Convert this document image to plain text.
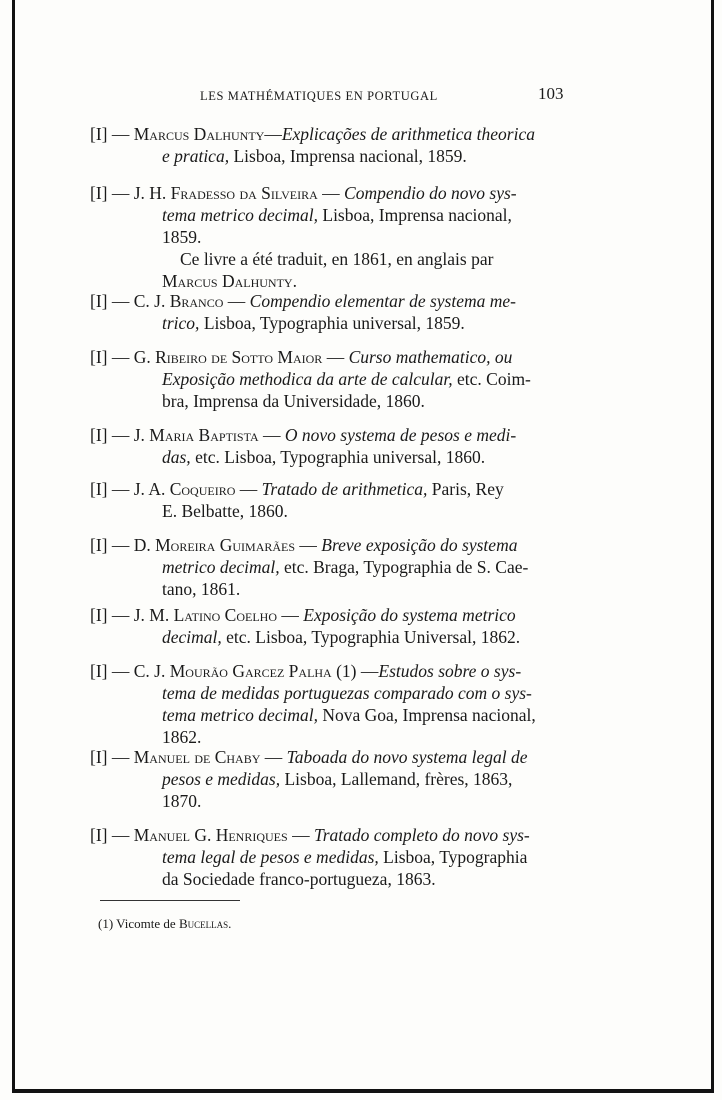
LES MATHÉMATIQUES EN PORTUGAL	103
[I] — Marcus Dalhunty—Explicações de arithmetica theorica
e pratica, Lisboa, Imprensa nacional, 1859.
[I] — J. H. Fradesso da Silveira — Compendio do novo sys-
tema metrico decimal, Lisboa, Imprensa nacional,
1859.
Ce livre a été traduit, en 1861, en anglais par
Marcus Dalhunty.
[I] — C. J. Branco — Compendio elementar de systema me-
trico, Lisboa, Typographia universal, 1859.
[I] — G. Ribeiro de Sotto Maior — Curso mathematico, ou
Exposição methodica da arte de calcular, etc. Coim-
bra, Imprensa da Universidade, 1860.
[I] — J. Maria Baptista — O novo systema de pesos e medi-
das, etc. Lisboa, Typographia universal, 1860.
[I] — J. A. Coqueiro — Tratado de arithmetica, Paris, Rey
E. Belbatte, 1860.
[I] — D. Moreira Guimarães — Breve exposição do systema
metrico decimal, etc. Braga, Typographia de S. Cae-
tano, 1861.
[I] — J. M. Latino Coelho — Exposição do systema metrico
decimal, etc. Lisboa, Typographia Universal, 1862.
[I] — C. J. Mourão Garcez Palha (1) —Estudos sobre o sys-
tema de medidas portuguezas comparado com o sys-
tema metrico decimal, Nova Goa, Imprensa nacional,
1862.
[I] — Manuel de Chaby — Taboada do novo systema legal de
pesos e medidas, Lisboa, Lallemand, frères, 1863,
1870.
[I] — Manuel G. Henriques — Tratado completo do novo sys-
tema legal de pesos e medidas, Lisboa, Typographia
da Sociedade franco-portugueza, 1863.
(1) Vicomte de Bucellas.
